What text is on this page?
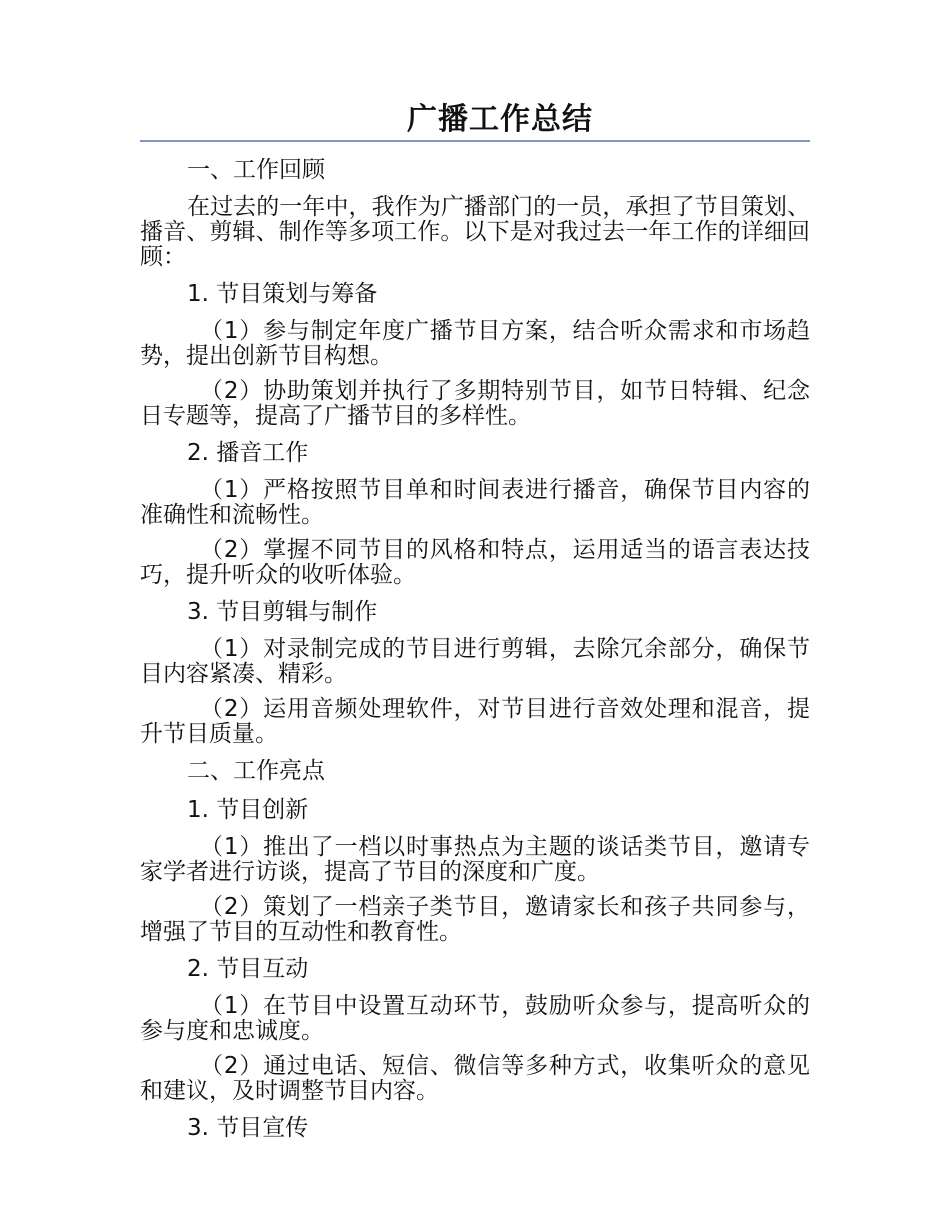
广播工作总结

一、工作回顾

在过去的一年中，我作为广播部门的一员，承担了节目策划、播音、剪辑、制作等多项工作。以下是对我过去一年工作的详细回顾：

1. 节目策划与筹备

（1）参与制定年度广播节目方案，结合听众需求和市场趋势，提出创新节目构想。

（2）协助策划并执行了多期特别节目，如节日特辑、纪念日专题等，提高了广播节目的多样性。

2. 播音工作

（1）严格按照节目单和时间表进行播音，确保节目内容的准确性和流畅性。

（2）掌握不同节目的风格和特点，运用适当的语言表达技巧，提升听众的收听体验。

3. 节目剪辑与制作

（1）对录制完成的节目进行剪辑，去除冗余部分，确保节目内容紧凑、精彩。

（2）运用音频处理软件，对节目进行音效处理和混音，提升节目质量。

二、工作亮点

1. 节目创新

（1）推出了一档以时事热点为主题的谈话类节目，邀请专家学者进行访谈，提高了节目的深度和广度。

（2）策划了一档亲子类节目，邀请家长和孩子共同参与，增强了节目的互动性和教育性。

2. 节目互动

（1）在节目中设置互动环节，鼓励听众参与，提高听众的参与度和忠诚度。

（2）通过电话、短信、微信等多种方式，收集听众的意见和建议，及时调整节目内容。

3. 节目宣传
